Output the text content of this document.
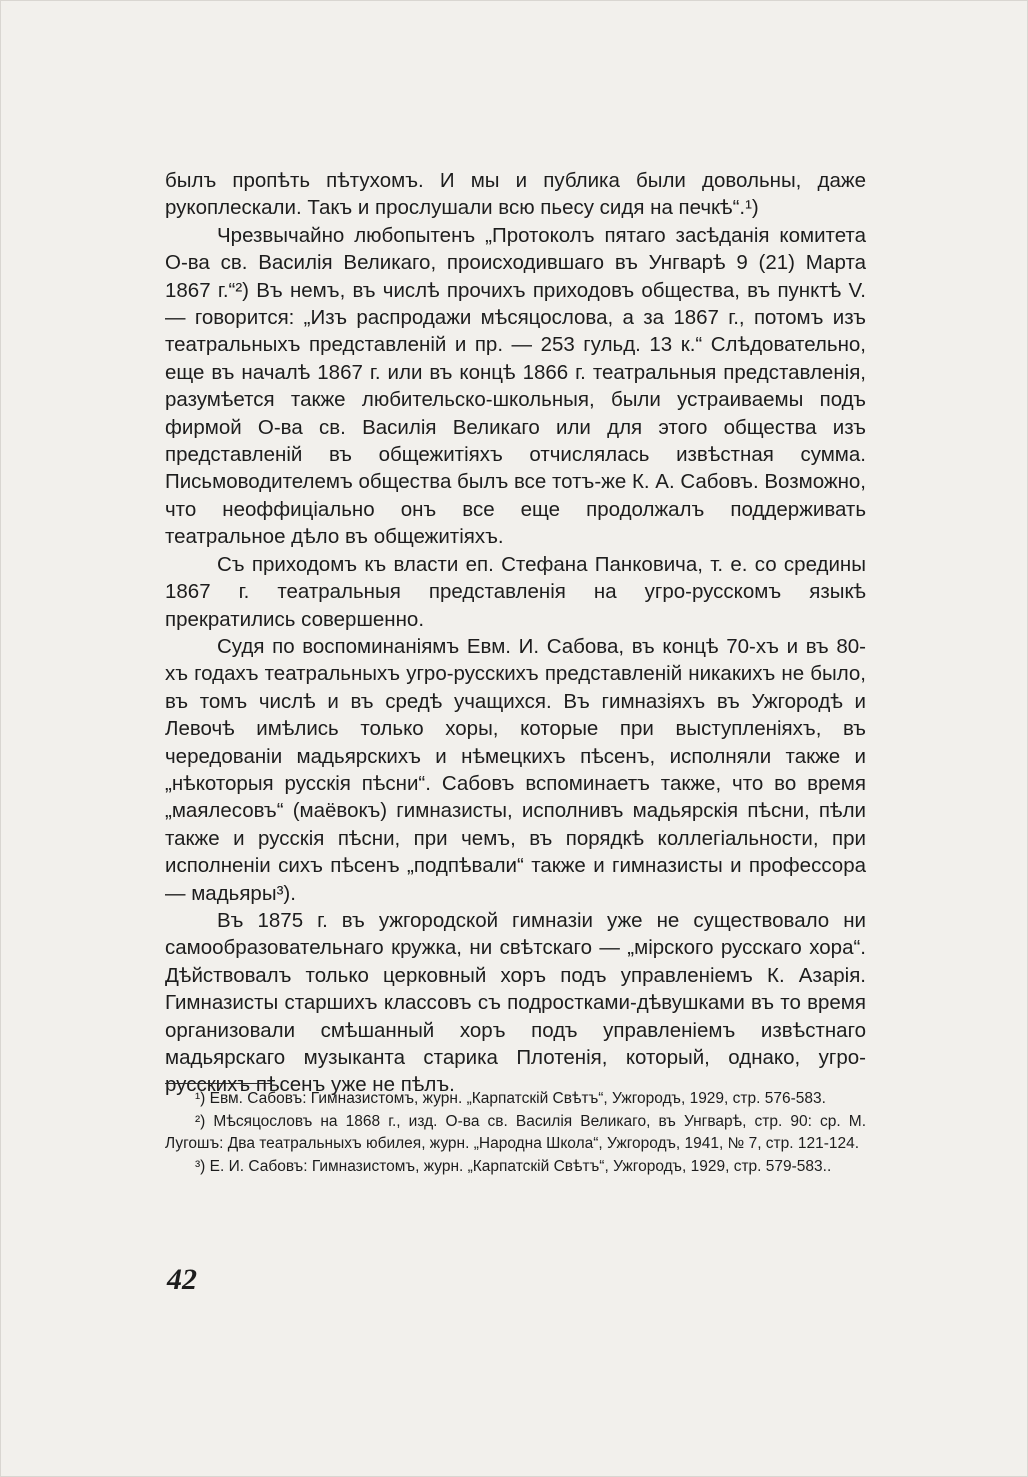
былъ пропѣть пѣтухомъ. И мы и публика были довольны, даже рукоплескали. Такъ и прослушали всю пьесу сидя на печкѣ“.¹)

Чрезвычайно любопытенъ „Протоколъ пятаго засѣданія комитета О-ва св. Василія Великаго, происходившаго въ Унгварѣ 9 (21) Марта 1867 г.“²) Въ немъ, въ числѣ прочихъ приходовъ общества, въ пунктѣ V. — говорится: „Изъ распродажи мѣсяцослова, а за 1867 г., потомъ изъ театральныхъ представленій и пр. — 253 гульд. 13 к.“ Слѣдовательно, еще въ началѣ 1867 г. или въ концѣ 1866 г. театральныя представленія, разумѣется также любительско-школьныя, были устраиваемы подъ фирмой О-ва св. Василія Великаго или для этого общества изъ представленій въ общежитіяхъ отчислялась извѣстная сумма. Письмоводителемъ общества былъ все тотъ-же К. А. Сабовъ. Возможно, что неоффиціально онъ все еще продолжалъ поддерживать театральное дѣло въ общежитіяхъ.

Съ приходомъ къ власти еп. Стефана Панковича, т. е. со средины 1867 г. театральныя представленія на угро-русскомъ языкѣ прекратились совершенно.

Судя по воспоминаніямъ Евм. И. Сабова, въ концѣ 70-хъ и въ 80-хъ годахъ театральныхъ угро-русскихъ представленій никакихъ не было, въ томъ числѣ и въ средѣ учащихся. Въ гимназіяхъ въ Ужгородѣ и Левочѣ имѣлись только хоры, которые при выступленіяхъ, въ чередованіи мадьярскихъ и нѣмецкихъ пѣсенъ, исполняли также и „нѣкоторыя русскія пѣсни“. Сабовъ вспоминаетъ также, что во время „маялесовъ“ (маёвокъ) гимназисты, исполнивъ мадьярскія пѣсни, пѣли также и русскія пѣсни, при чемъ, въ порядкѣ коллегіальности, при исполненіи сихъ пѣсенъ „подпѣвали“ также и гимназисты и профессора — мадьяры³).

Въ 1875 г. въ ужгородской гимназіи уже не существовало ни самообразовательнаго кружка, ни свѣтскаго — „мірского русскаго хора“. Дѣйствовалъ только церковный хоръ подъ управленіемъ К. Азарія. Гимназисты старшихъ классовъ съ подростками-дѣвушками въ то время организовали смѣшанный хоръ подъ управленіемъ извѣстнаго мадьярскаго музыканта старика Плотенія, который, однако, угро-русскихъ пѣсенъ уже не пѣлъ.

¹) Евм. Сабовъ: Гимназистомъ, журн. „Карпатскій Свѣтъ“, Ужгородъ, 1929, стр. 576-583.

²) Мѣсяцословъ на 1868 г., изд. О-ва св. Василія Великаго, въ Унгварѣ, стр. 90: ср. М. Лугошъ: Два театральныхъ юбилея, журн. „Народна Школа“, Ужгородъ, 1941, № 7, стр. 121-124.

³) Е. И. Сабовъ: Гимназистомъ, журн. „Карпатскій Свѣтъ“, Ужгородъ, 1929, стр. 579-583..

42
